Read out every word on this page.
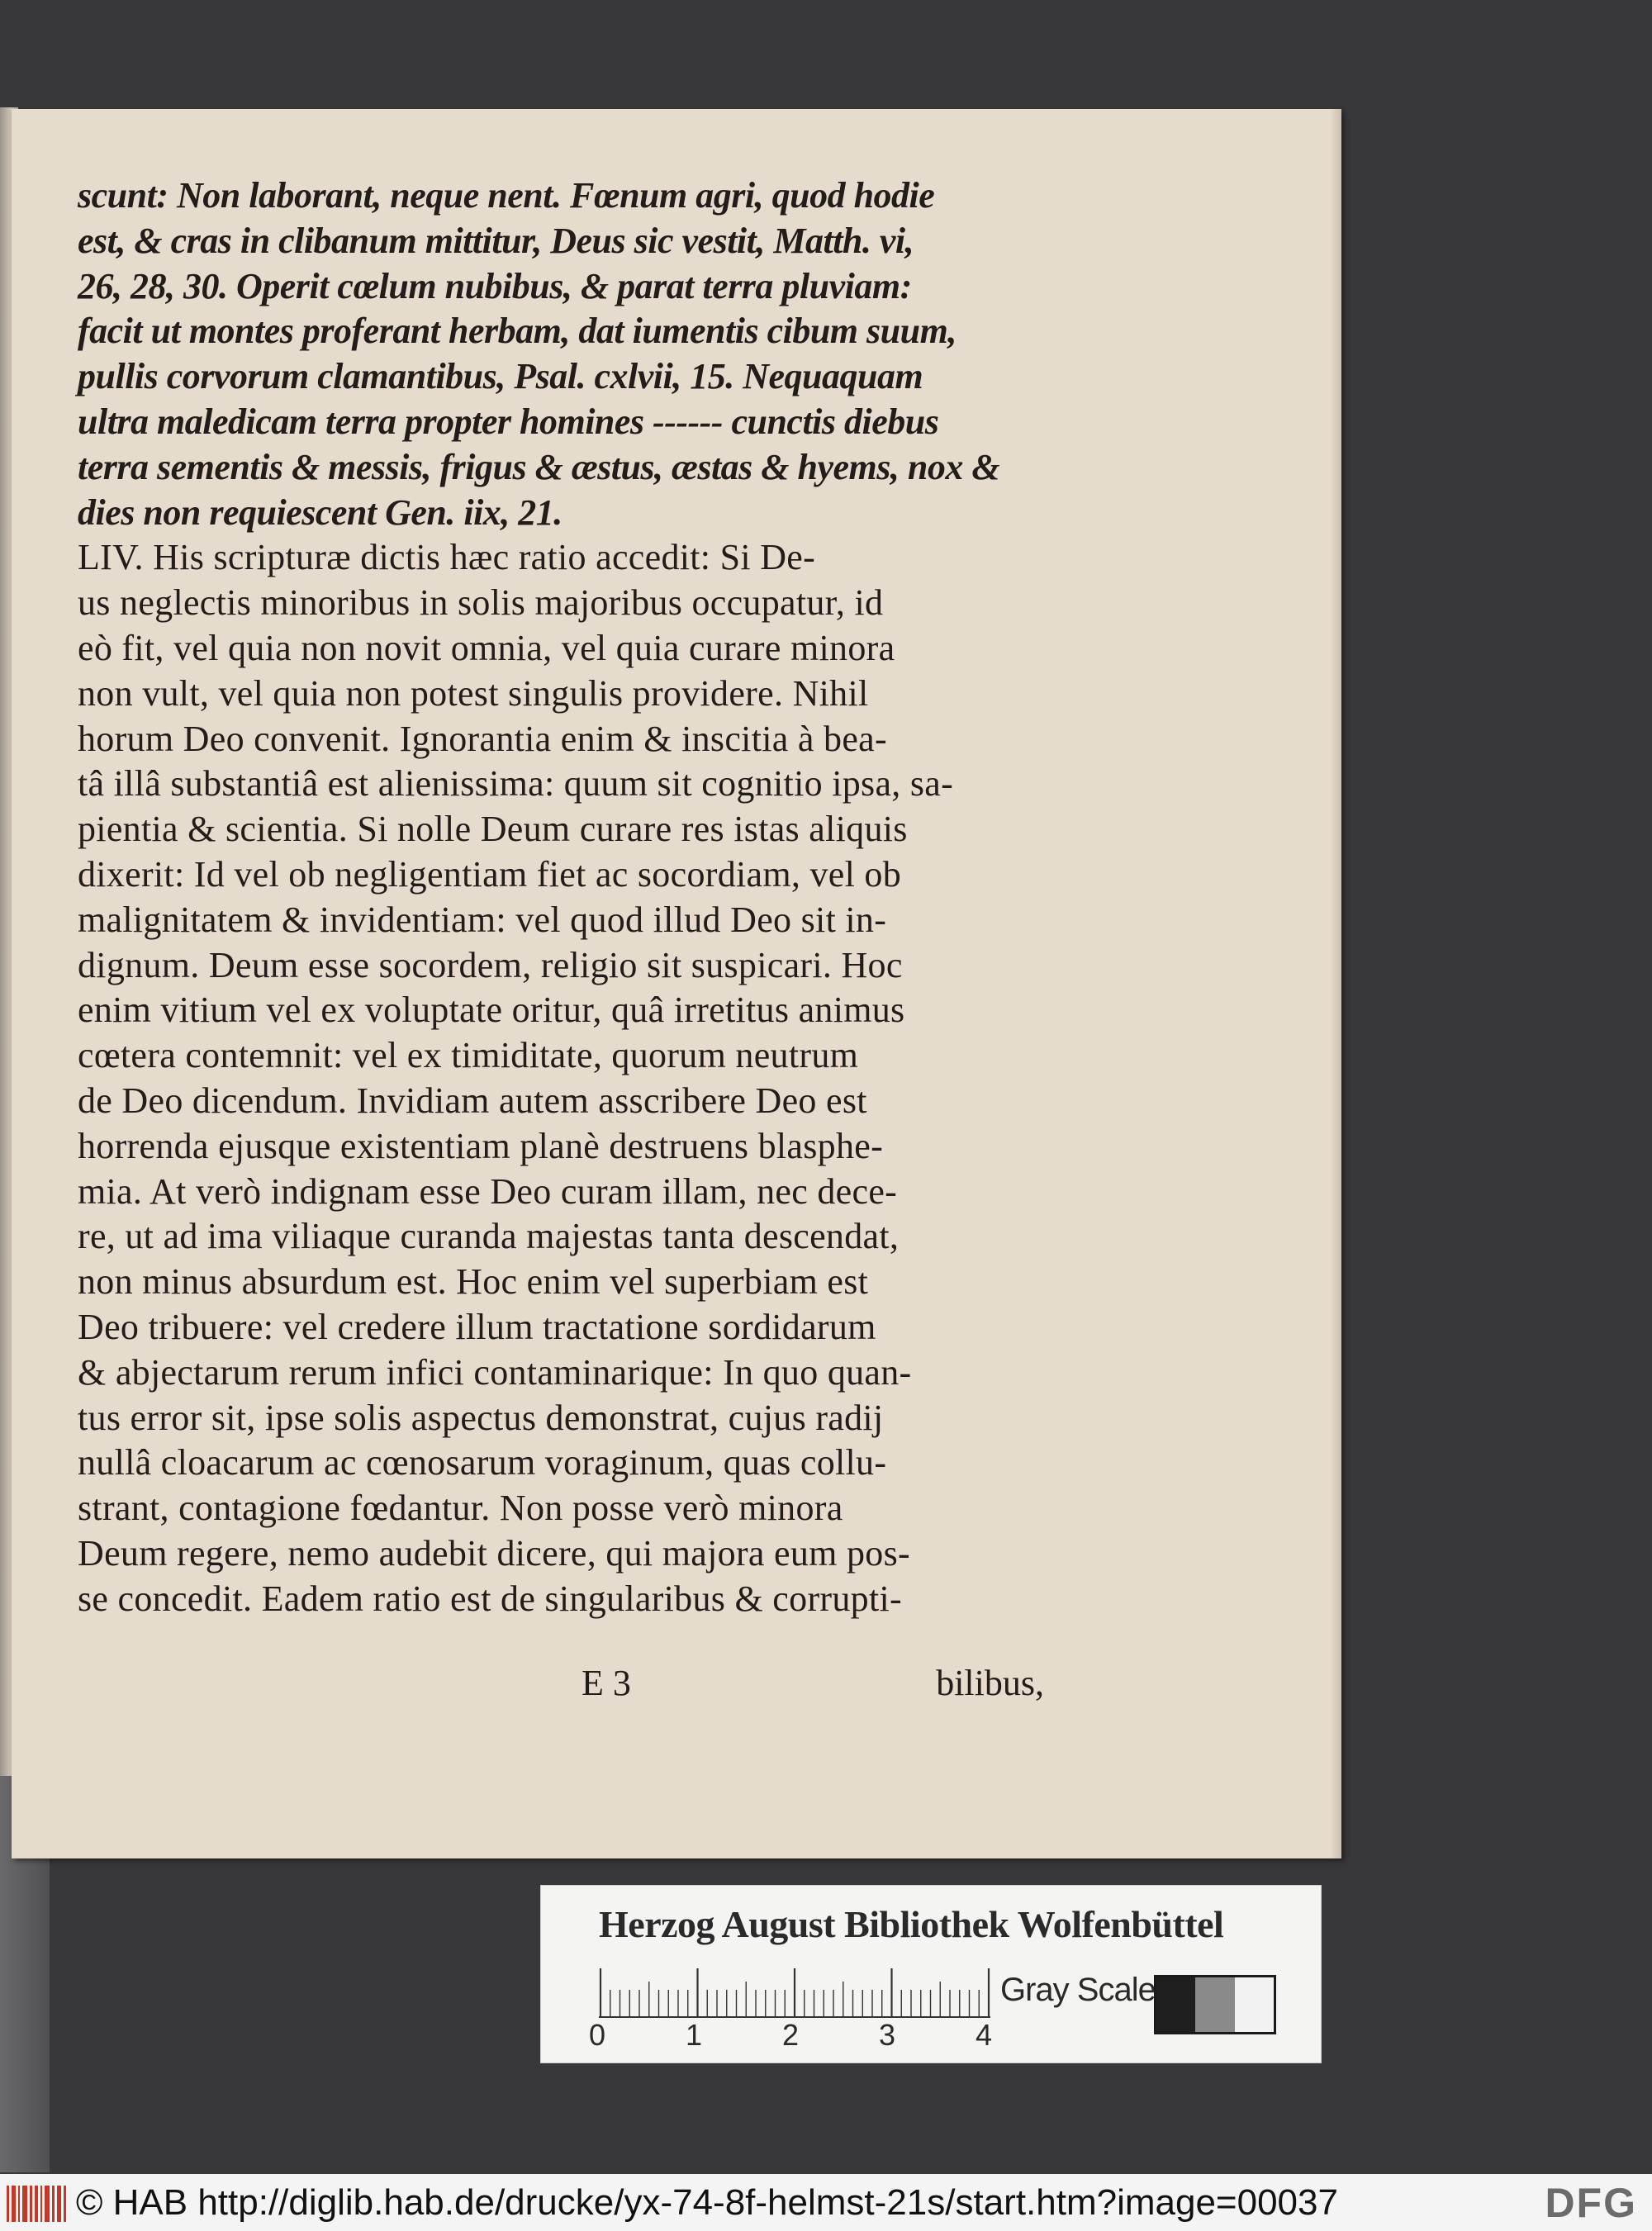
scunt: Non laborant, neque nent. Fœnum agri, quod hodie
est, & cras in clibanum mittitur, Deus sic vestit, Matth. vi,
26, 28, 30. Operit cœlum nubibus, & parat terra pluviam:
facit ut montes proferant herbam, dat iumentis cibum suum,
pullis corvorum clamantibus, Psal. cxlvii, 15. Nequaquam
ultra maledicam terra propter homines ------ cunctis diebus
terra sementis & messis, frigus & æstus, æstas & hyems, nox &
dies non requiescent Gen. iix, 21.
LIV. His scripturæ dictis hæc ratio accedit: Si De-
us neglectis minoribus in solis majoribus occupatur, id
eò fit, vel quia non novit omnia, vel quia curare minora
non vult, vel quia non potest singulis providere. Nihil
horum Deo convenit. Ignorantia enim & inscitia à bea-
tâ illâ substantiâ est alienissima: quum sit cognitio ipsa, sa-
pientia & scientia. Si nolle Deum curare res istas aliquis
dixerit: Id vel ob negligentiam fiet ac socordiam, vel ob
malignitatem & invidentiam: vel quod illud Deo sit in-
dignum. Deum esse socordem, religio sit suspicari. Hoc
enim vitium vel ex voluptate oritur, quâ irretitus animus
cœtera contemnit: vel ex timiditate, quorum neutrum
de Deo dicendum. Invidiam autem asscribere Deo est
horrenda ejusque existentiam planè destruens blasphe-
mia. At verò indignam esse Deo curam illam, nec dece-
re, ut ad ima viliaque curanda majestas tanta descendat,
non minus absurdum est. Hoc enim vel superbiam est
Deo tribuere: vel credere illum tractatione sordidarum
& abjectarum rerum infici contaminarique: In quo quan-
tus error sit, ipse solis aspectus demonstrat, cujus radij
nullâ cloacarum ac cœnosarum voraginum, quas collu-
strant, contagione fœdantur. Non posse verò minora
Deum regere, nemo audebit dicere, qui majora eum pos-
se concedit. Eadem ratio est de singularibus & corrupti-
E 3	bilibus,
Herzog August Bibliothek Wolfenbüttel
0	1	2	3	4
Gray Scale
© HAB http://diglib.hab.de/drucke/yx-74-8f-helmst-21s/start.htm?image=00037	DFG
